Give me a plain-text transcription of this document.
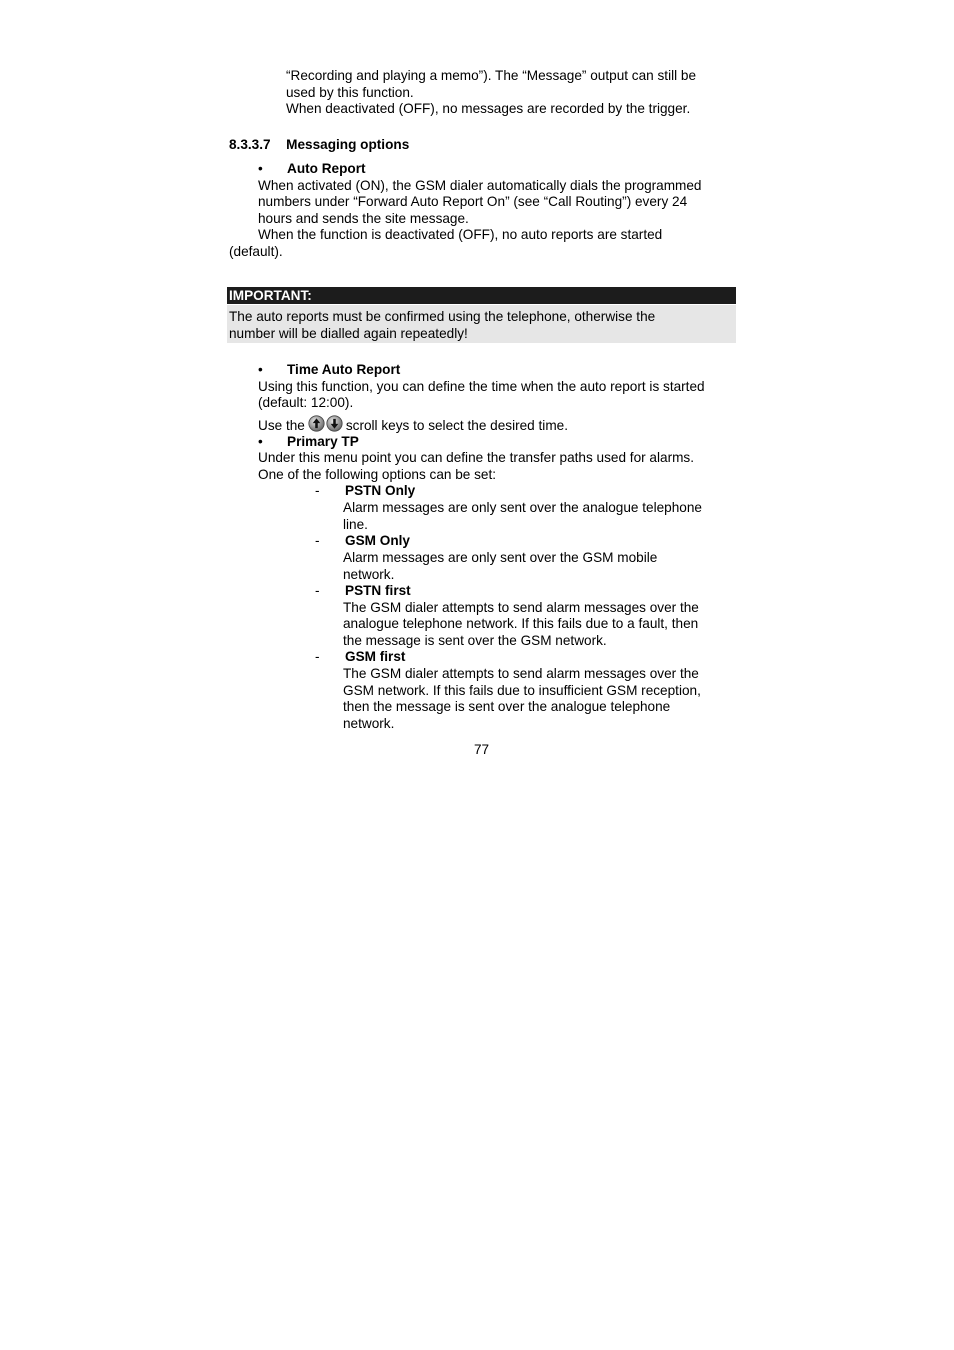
“Recording and playing a memo”). The “Message” output can still be

used by this function.

When deactivated (OFF), no messages are recorded by the trigger.

8.3.3.7 Messaging options
• Auto Report

When activated (ON), the GSM dialer automatically dials the programmed

numbers under “Forward Auto Report On” (see “Call Routing”) every 24

hours and sends the site message.

When the function is deactivated (OFF), no auto reports are started

(default).

IMPORTANT:

The auto reports must be confirmed using the telephone, otherwise the

number will be dialled again repeatedly!

• Time Auto Report

Using this function, you can define the time when the auto report is started

(default: 12:00).

Use the	scroll keys to select the desired time.

• Primary TP

Under this menu point you can define the transfer paths used for alarms.

One of the following options can be set:

- PSTN Only

Alarm messages are only sent over the analogue telephone

line.

- GSM Only

Alarm messages are only sent over the GSM mobile

network.

- PSTN first

The GSM dialer attempts to send alarm messages over the

analogue telephone network. If this fails due to a fault, then

the message is sent over the GSM network.

- GSM first

The GSM dialer attempts to send alarm messages over the

GSM network. If this fails due to insufficient GSM reception,

then the message is sent over the analogue telephone

network.

77
